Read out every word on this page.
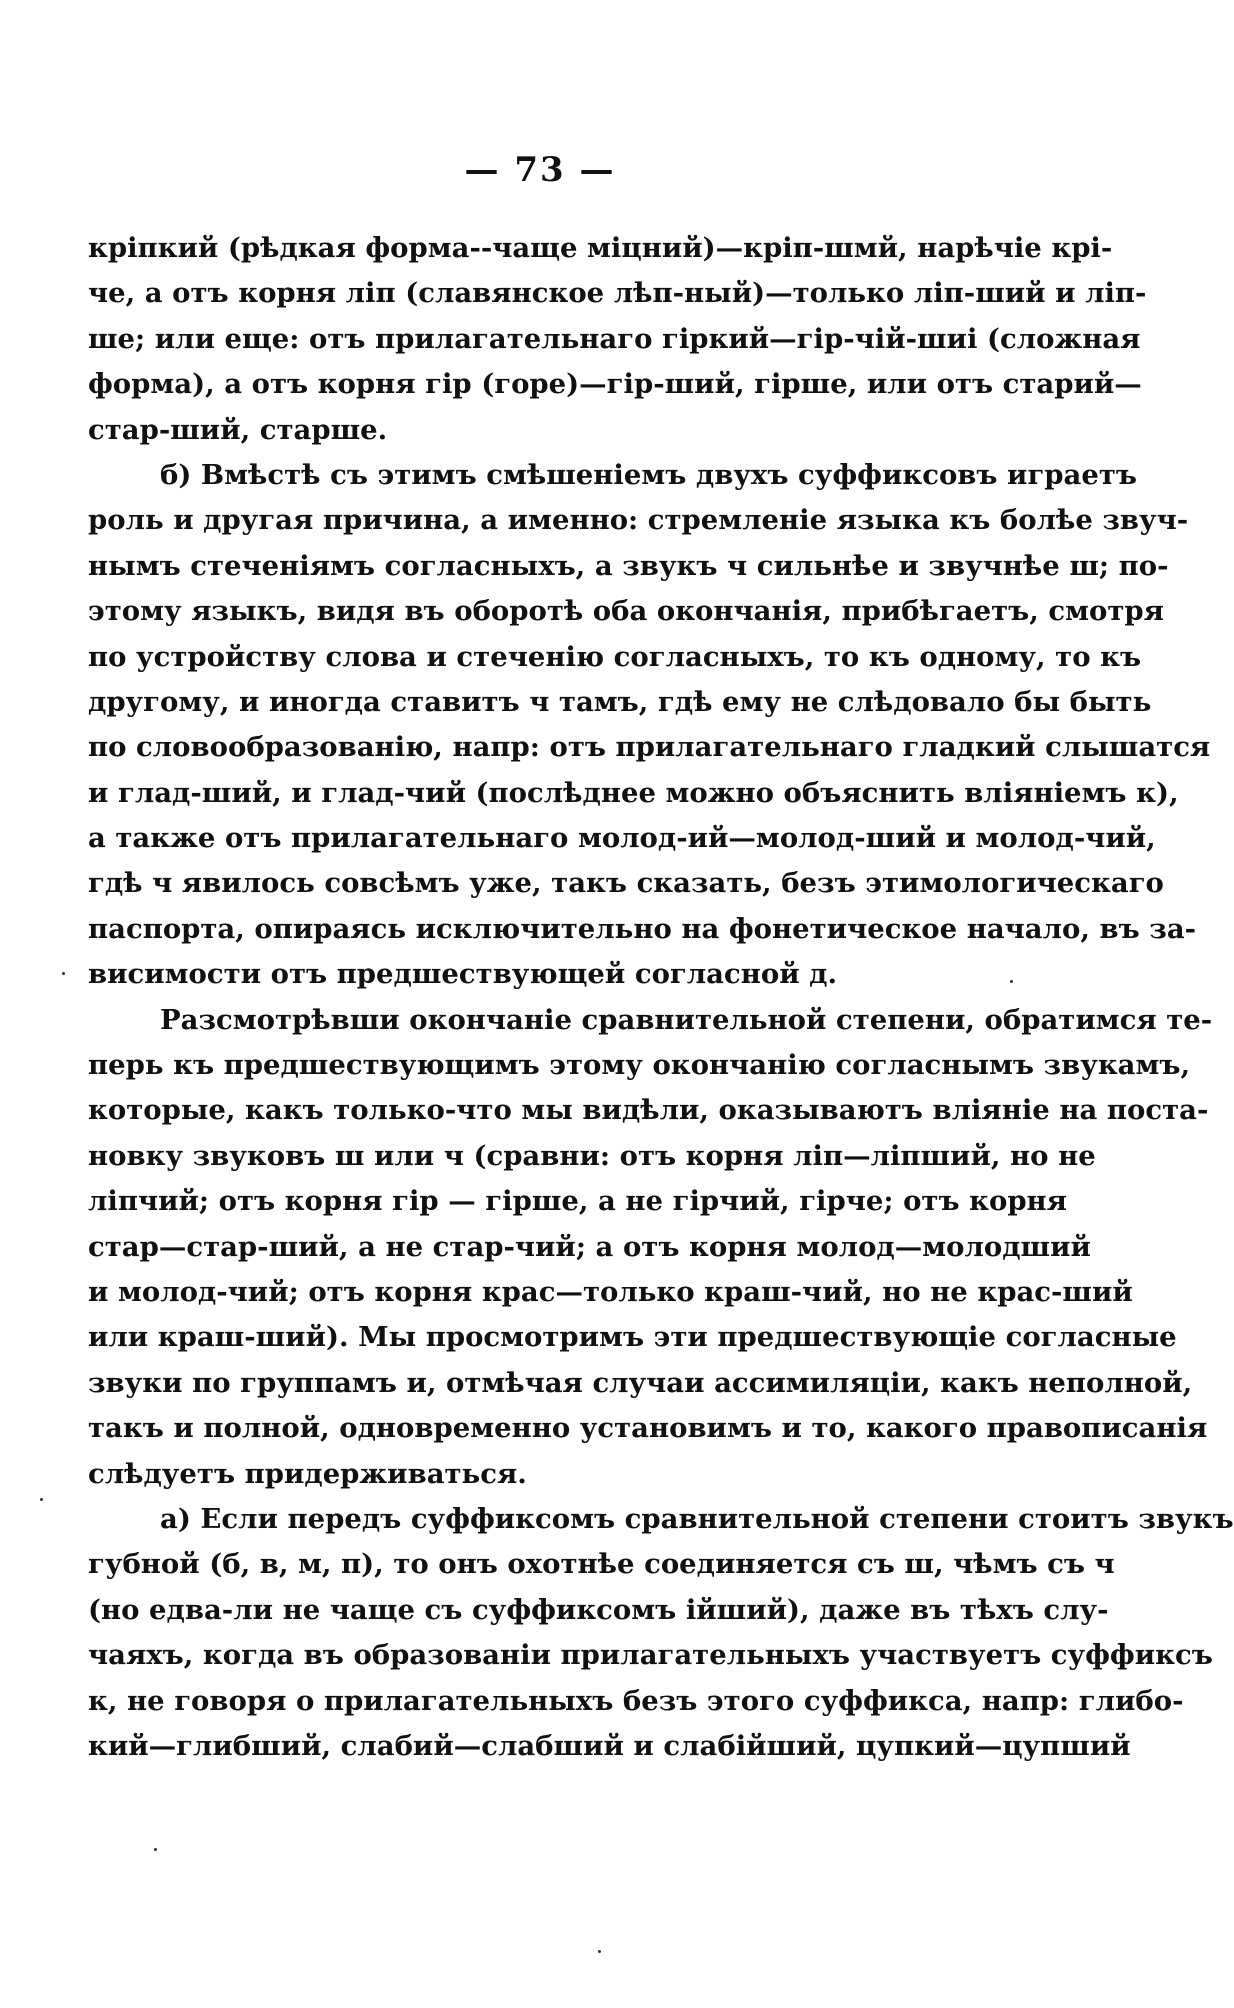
— 73 —
кріпкий (рѣдкая форма--чаще міцний)—кріп-шмй, нарѣчіе крі-
че, а отъ корня ліп (славянское лѣп-ный)—только ліп-ший и ліп-
ше; или еще: отъ прилагательнаго гіркий—гір-чій-шиі (сложная
форма), а отъ корня гір (горе)—гір-ший, гірше, или отъ старий—
стар-ший, старше.
б) Вмѣстѣ съ этимъ смѣшеніемъ двухъ суффиксовъ играетъ
роль и другая причина, а именно: стремленіе языка къ болѣе звуч-
нымъ стеченіямъ согласныхъ, а звукъ ч сильнѣе и звучнѣе ш; по-
этому языкъ, видя въ оборотѣ оба окончанія, прибѣгаетъ, смотря
по устройству слова и стеченію согласныхъ, то къ одному, то къ
другому, и иногда ставитъ ч тамъ, гдѣ ему не слѣдовало бы быть
по словообразованію, напр: отъ прилагательнаго гладкий слышатся
и глад-ший, и глад-чий (послѣднее можно объяснить вліяніемъ к),
а также отъ прилагательнаго молод-ий—молод-ший и молод-чий,
гдѣ ч явилось совсѣмъ уже, такъ сказать, безъ этимологическаго
паспорта, опираясь исключительно на фонетическое начало, въ за-
висимости отъ предшествующей согласной д.
Разсмотрѣвши окончаніе сравнительной степени, обратимся те-
перь къ предшествующимъ этому окончанію согласнымъ звукамъ,
которые, какъ только-что мы видѣли, оказываютъ вліяніе на поста-
новку звуковъ ш или ч (сравни: отъ корня ліп—ліпший, но не
ліпчий; отъ корня гір — гірше, а не гірчий, гірче; отъ корня
стар—стар-ший, а не стар-чий; а отъ корня молод—молодший
и молод-чий; отъ корня крас—только краш-чий, но не крас-ший
или краш-ший). Мы просмотримъ эти предшествующіе согласные
звуки по группамъ и, отмѣчая случаи ассимиляціи, какъ неполной,
такъ и полной, одновременно установимъ и то, какого правописанія
слѣдуетъ придерживаться.
а) Если передъ суффиксомъ сравнительной степени стоитъ звукъ
губной (б, в, м, п), то онъ охотнѣе соединяется съ ш, чѣмъ съ ч
(но едва-ли не чаще съ суффиксомъ ійший), даже въ тѣхъ слу-
чаяхъ, когда въ образованіи прилагательныхъ участвуетъ суффиксъ
к, не говоря о прилагательныхъ безъ этого суффикса, напр: глибо-
кий—глибший, слабий—слабший и слабійший, цупкий—цупший
